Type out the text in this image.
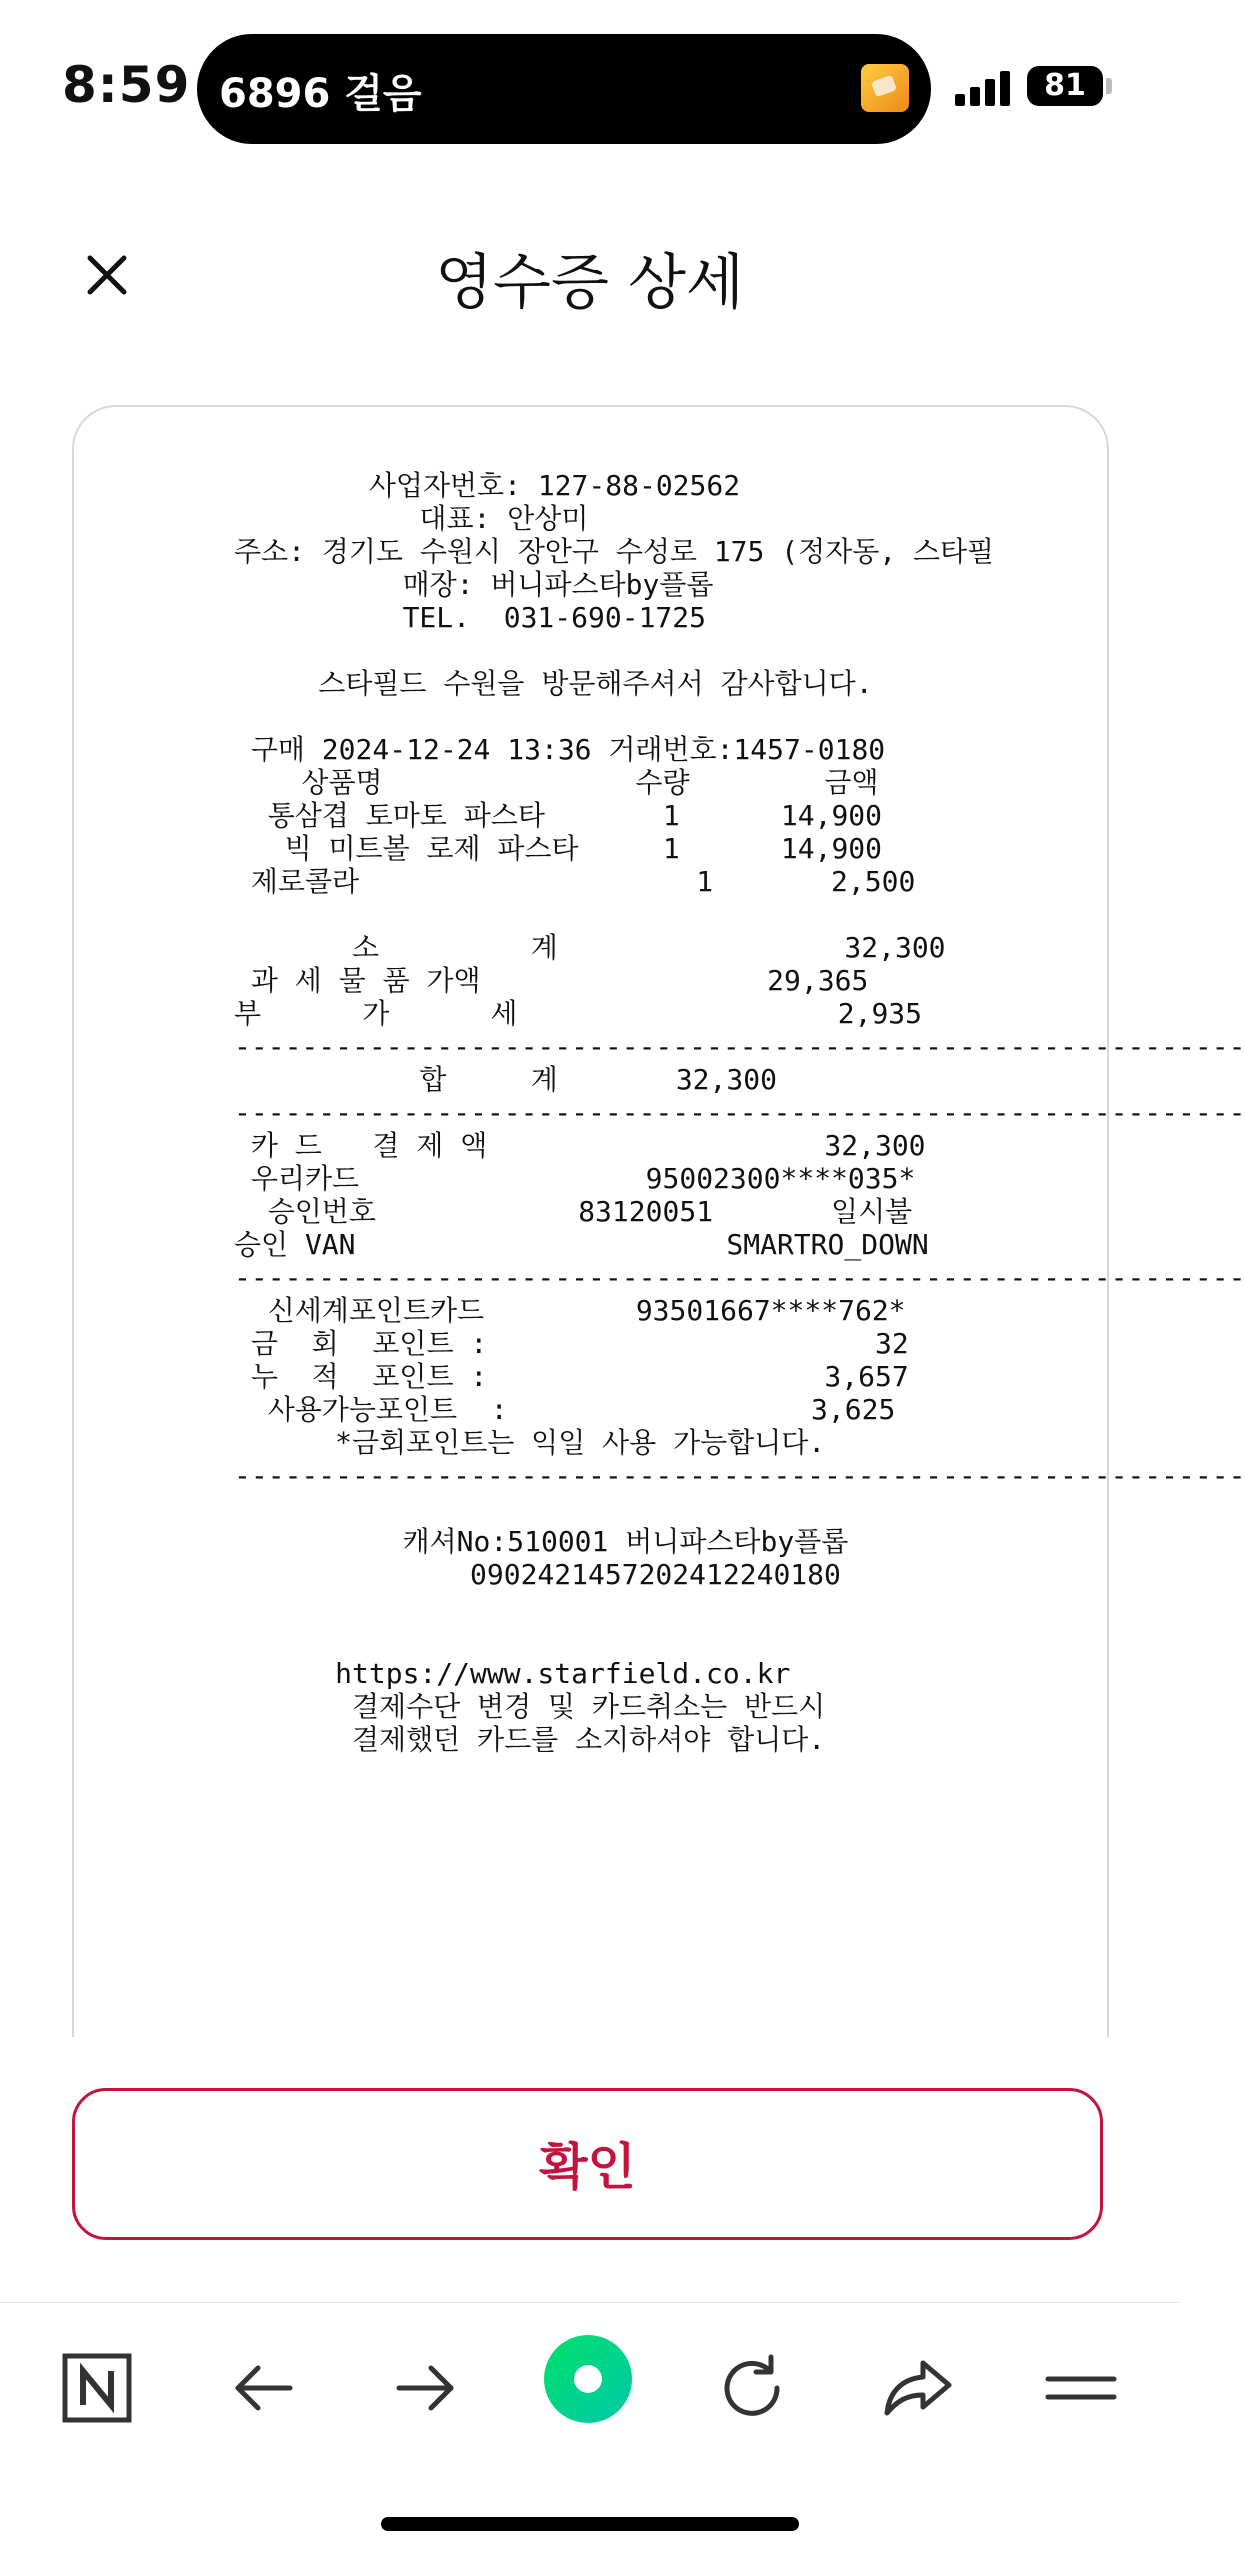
8:59 6896 걸음	81
영수증 상세
사업자번호: 127-88-02562
대표: 안상미
주소: 경기도 수원시 장안구 수성로 175 (정자동, 스타필
매장: 버니파스타by플롭
TEL.  031-690-1725
스타필드 수원을 방문해주셔서 감사합니다.
구매 2024-12-24 13:36 거래번호:1457-0180
상품명               수량        금액
통삼겹 토마토 파스타       1      14,900
빅 미트볼 로제 파스타     1      14,900
제로콜라                    1       2,500
소         계                 32,300
과 세 물 품 가액                 29,365
부      가      세                   2,935
------------------------------------------------------------
합     계       32,300
------------------------------------------------------------
카 드   결 제 액                    32,300
우리카드                 95002300****035*
승인번호            83120051       일시불
승인 VAN                      SMARTRO_DOWN
------------------------------------------------------------
신세계포인트카드         93501667****762*
금  회  포인트 :                       32
누  적  포인트 :                    3,657
사용가능포인트  :                  3,625
*금회포인트는 익일 사용 가능합니다.
------------------------------------------------------------
캐셔No:510001 버니파스타by플롭
090242145720241224018​0
https://www.starfield.co.kr
결제수단 변경 및 카드취소는 반드시
결제했던 카드를 소지하셔야 합니다.
확인
